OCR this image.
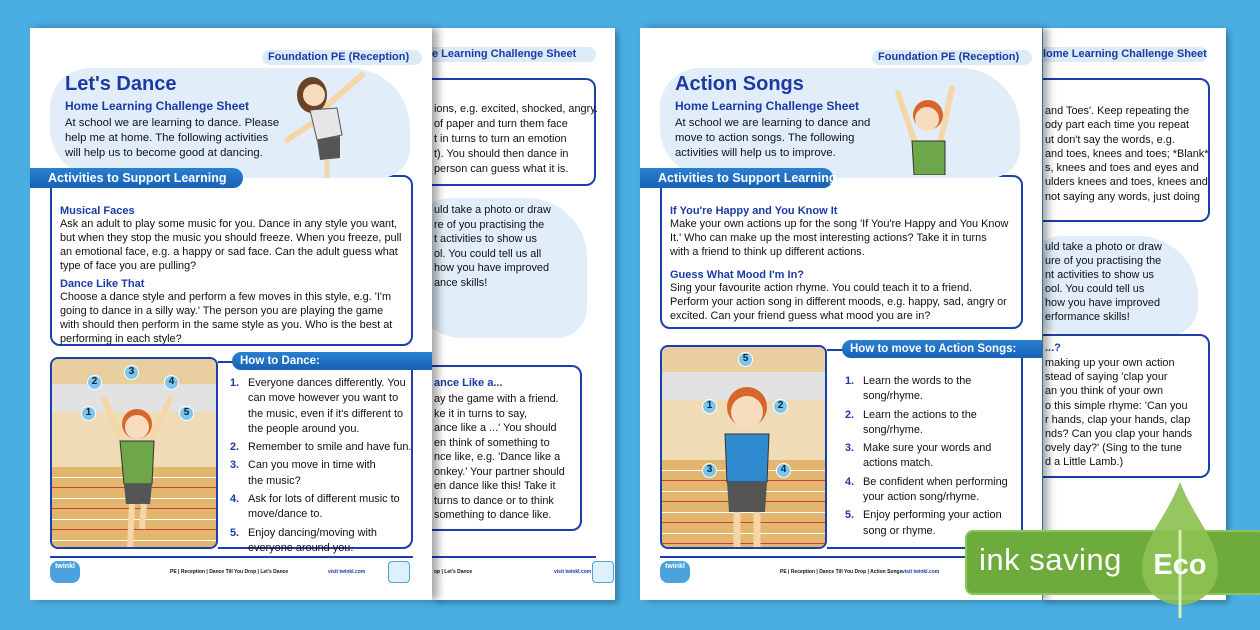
e Learning Challenge Sheet
ions, e.g. excited, shocked, angry.
of paper and turn them face
t in turns to turn an emotion
t). You should then dance in
person can guess what it is.
uld take a photo or draw
re of you practising the
t activities to show us
ol. You could tell us all
how you have improved
ance skills!
ance Like a...
ay the game with a friend.
ke it in turns to say,
ance like a ...' You should
en think of something to
nce like, e.g. 'Dance like a
onkey.' Your partner should
en dance like this! Take it
turns to dance or to think
something to dance like.
op | Let's Dance	visit twinkl.com
Foundation PE (Reception)
Let's Dance
Home Learning Challenge Sheet
At school we are learning to dance. Please
help me at home. The following activities
will help us to become good at dancing.
Activities to Support Learning
Musical Faces
Ask an adult to play some music for you. Dance in any style you want,
but when they stop the music you should freeze. When you freeze, pull
an emotional face, e.g. a happy or sad face. Can the adult guess what
type of face you are pulling?
Dance Like That
Choose a dance style and perform a few moves in this style, e.g. 'I'm
going to dance in a silly way.' The person you are playing the game
with should then perform in the same style as you. Who is the best at
performing in each style?
1
2
3
4
5
How to Dance:
1. Everyone dances differently. You
can move however you want to
the music, even if it's different to
the people around you.
2. Remember to smile and have fun.
3. Can you move in time with
the music?
4. Ask for lots of different music to
move/dance to.
5. Enjoy dancing/moving with
everyone around you.
twinkl
PE | Reception | Dance Till You Drop | Let's Dance	visit twinkl.com
lome Learning Challenge Sheet
and Toes'. Keep repeating the
ody part each time you repeat
ut don't say the words, e.g.
and toes, knees and toes; *Blank*
s, knees and toes and eyes and
ulders knees and toes, knees and
not saying any words, just doing
uld take a photo or draw
ure of you practising the
nt activities to show us
ool. You could tell us
how you have improved
erformance skills!
...?
making up your own action
stead of saying 'clap your
an you think of your own
o this simple rhyme: 'Can you
r hands, clap your hands, clap
nds? Can you clap your hands
ovely day?' (Sing to the tune
d a Little Lamb.)
Foundation PE (Reception)
Action Songs
Home Learning Challenge Sheet
At school we are learning to dance and
move to action songs. The following
activities will help us to improve.
Activities to Support Learning
If You're Happy and You Know It
Make your own actions up for the song 'If You're Happy and You Know
It.' Who can make up the most interesting actions? Take it in turns
with a friend to think up different actions.
Guess What Mood I'm In?
Sing your favourite action rhyme. You could teach it to a friend.
Perform your action song in different moods, e.g. happy, sad, angry or
excited. Can your friend guess what mood you are in?
5
1	2
3	4
How to move to Action Songs:
1. Learn the words to the
song/rhyme.
2. Learn the actions to the
song/rhyme.
3. Make sure your words and
actions match.
4. Be confident when performing
your action song/rhyme.
5. Enjoy performing your action
song or rhyme.
twinkl
PE | Reception | Dance Till You Drop | Action Songs visit twinkl.com ink saving Eco
